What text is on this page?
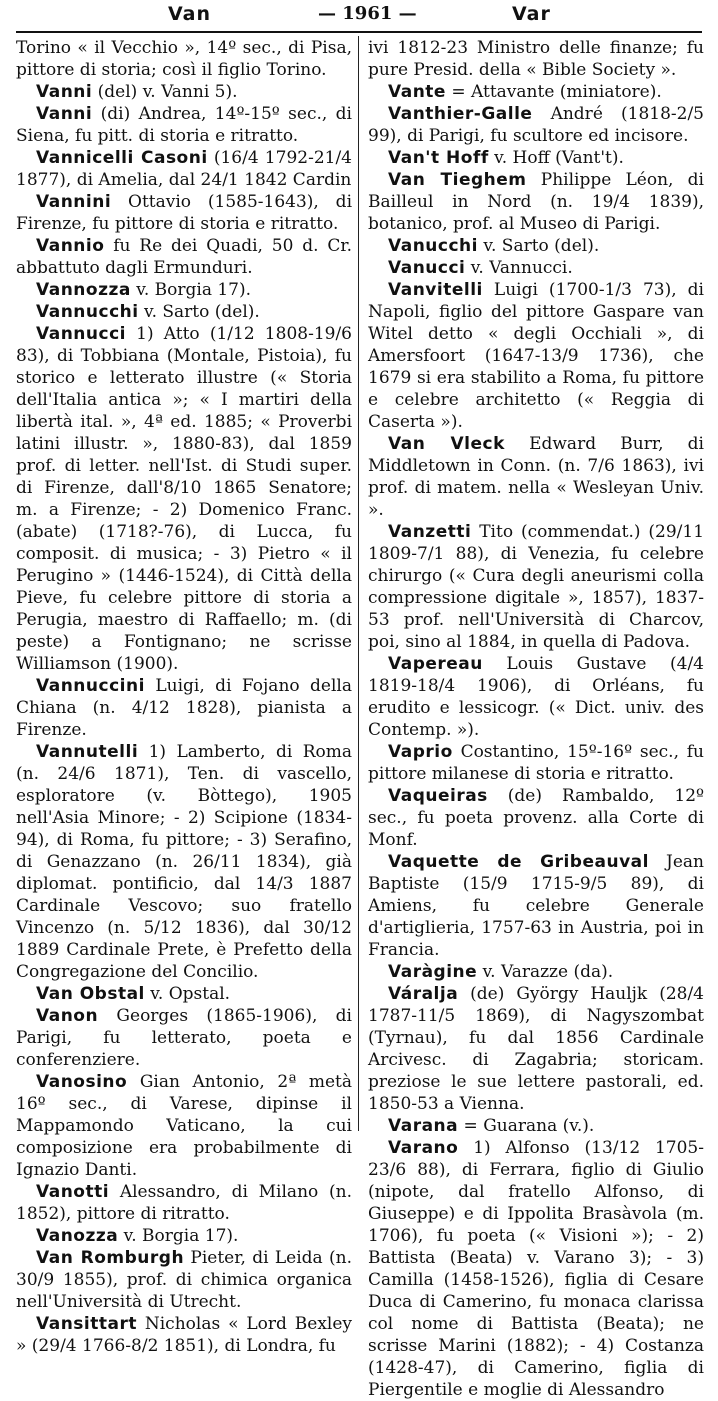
Van	— 1961 —	Var

Torino « il Vecchio », 14º sec., di Pisa, pittore di storia; così il figlio Torino.

Vanni (del) v. Vanni 5).

Vanni (di) Andrea, 14º-15º sec., di Siena, fu pitt. di storia e ritratto.

Vannicelli Casoni (16/4 1792-21/4 1877), di Amelia, dal 24/1 1842 Cardin

Vannini Ottavio (1585-1643), di Firenze, fu pittore di storia e ritratto.

Vannio fu Re dei Quadi, 50 d. Cr. abbattuto dagli Ermunduri.

Vannozza v. Borgia 17).

Vannucchi v. Sarto (del).

Vannucci 1) Atto (1/12 1808-19/6 83), di Tobbiana (Montale, Pistoia), fu storico e letterato illustre (« Storia dell'Italia antica »; « I martiri della libertà ital. », 4ª ed. 1885; « Proverbi latini illustr. », 1880-83), dal 1859 prof. di letter. nell'Ist. di Studi super. di Firenze, dall'8/10 1865 Senatore; m. a Firenze; - 2) Domenico Franc. (abate) (1718?-76), di Lucca, fu composit. di musica; - 3) Pietro « il Perugino » (1446-1524), di Città della Pieve, fu celebre pittore di storia a Perugia, maestro di Raffaello; m. (di peste) a Fontignano; ne scrisse Williamson (1900).

Vannuccini Luigi, di Fojano della Chiana (n. 4/12 1828), pianista a Firenze.

Vannutelli 1) Lamberto, di Roma (n. 24/6 1871), Ten. di vascello, esploratore (v. Bòttego), 1905 nell'Asia Minore; - 2) Scipione (1834-94), di Roma, fu pittore; - 3) Serafino, di Genazzano (n. 26/11 1834), già diplomat. pontificio, dal 14/3 1887 Cardinale Vescovo; suo fratello Vincenzo (n. 5/12 1836), dal 30/12 1889 Cardinale Prete, è Prefetto della Congregazione del Concilio.

Van Obstal v. Opstal.

Vanon Georges (1865-1906), di Parigi, fu letterato, poeta e conferenziere.

Vanosino Gian Antonio, 2ª metà 16º sec., di Varese, dipinse il Mappamondo Vaticano, la cui composizione era probabilmente di Ignazio Danti.

Vanotti Alessandro, di Milano (n. 1852), pittore di ritratto.

Vanozza v. Borgia 17).

Van Romburgh Pieter, di Leida (n. 30/9 1855), prof. di chimica organica nell'Università di Utrecht.

Vansittart Nicholas « Lord Bexley » (29/4 1766-8/2 1851), di Londra, fu

ivi 1812-23 Ministro delle finanze; fu pure Presid. della « Bible Society ».

Vante = Attavante (miniatore).

Vanthier-Galle André (1818-2/5 99), di Parigi, fu scultore ed incisore.

Van't Hoff v. Hoff (Vant't).

Van Tieghem Philippe Léon, di Bailleul in Nord (n. 19/4 1839), botanico, prof. al Museo di Parigi.

Vanucchi v. Sarto (del).

Vanucci v. Vannucci.

Vanvitelli Luigi (1700-1/3 73), di Napoli, figlio del pittore Gaspare van Witel detto « degli Occhiali », di Amersfoort (1647-13/9 1736), che 1679 si era stabilito a Roma, fu pittore e celebre architetto (« Reggia di Caserta »).

Van Vleck Edward Burr, di Middletown in Conn. (n. 7/6 1863), ivi prof. di matem. nella « Wesleyan Univ. ».

Vanzetti Tito (commendat.) (29/11 1809-7/1 88), di Venezia, fu celebre chirurgo (« Cura degli aneurismi colla compressione digitale », 1857), 1837-53 prof. nell'Università di Charcov, poi, sino al 1884, in quella di Padova.

Vapereau Louis Gustave (4/4 1819-18/4 1906), di Orléans, fu erudito e lessicogr. (« Dict. univ. des Contemp. »).

Vaprio Costantino, 15º-16º sec., fu pittore milanese di storia e ritratto.

Vaqueiras (de) Rambaldo, 12º sec., fu poeta provenz. alla Corte di Monf.

Vaquette de Gribeauval Jean Baptiste (15/9 1715-9/5 89), di Amiens, fu celebre Generale d'artiglieria, 1757-63 in Austria, poi in Francia.

Varàgine v. Varazze (da).

Váralja (de) György Hauljk (28/4 1787-11/5 1869), di Nagyszombat (Tyrnau), fu dal 1856 Cardinale Arcivesc. di Zagabria; storicam. preziose le sue lettere pastorali, ed. 1850-53 a Vienna.

Varana = Guarana (v.).

Varano 1) Alfonso (13/12 1705-23/6 88), di Ferrara, figlio di Giulio (nipote, dal fratello Alfonso, di Giuseppe) e di Ippolita Brasàvola (m. 1706), fu poeta (« Visioni »); - 2) Battista (Beata) v. Varano 3); - 3) Camilla (1458-1526), figlia di Cesare Duca di Camerino, fu monaca clarissa col nome di Battista (Beata); ne scrisse Marini (1882); - 4) Costanza (1428-47), di Camerino, figlia di Piergentile e moglie di Alessandro
